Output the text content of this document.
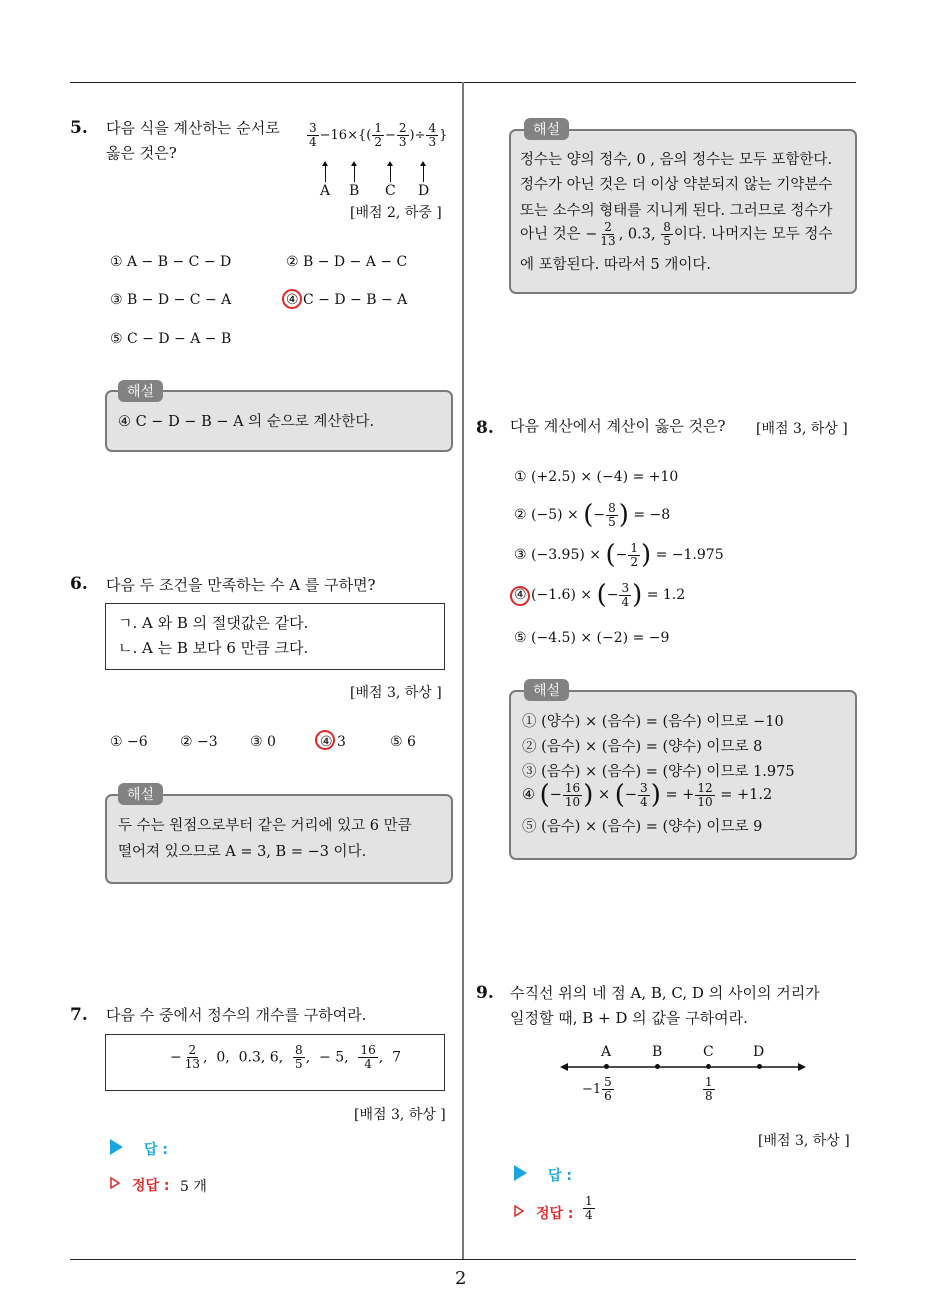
2
5. 다음 식을 계산하는 순서로
옳은 것은?
$\frac{3}{4} -16\times\{( \frac{1}{2} - \frac{2}{3}$ )÷ $\frac{4}{3}$ }
A B C D
[배점 2, 하중 ]
① A − B − C − D	② B − D − A − C
③ B − D − C − A	④ C − D − B − A
⑤ C − D − A − B
해설
④ C − D − B − A 의 순으로 계산한다.
6. 다음 두 조건을 만족하는 수 A 를 구하면?
ㄱ. A 와 B 의 절댓값은 같다.
ㄴ. A 는 B 보다 6 만큼 크다.
[배점 3, 하상 ]
① −6 ② −3 ③ 0	④ 3	⑤ 6
해설
두 수는 원점으로부터 같은 거리에 있고 6 만큼
떨어져 있으므로 A = 3, B = −3 이다.
7. 다음 수 중에서 정수의 개수를 구하여라.
− $\frac{2}{13}$ ,  0,  0.3, 6, $\frac{8}{5}$ ,  − 5, $\frac{16}{4}$ ,  7
[배점 3, 하상 ]
답 :
정답 : 5 개
해설
정수는 양의 정수, 0 , 음의 정수는 모두 포함한다.
정수가 아닌 것은 더 이상 약분되지 않는 기약분수
또는 소수의 형태를 지니게 된다. 그러므로 정수가
아닌 것은 − $\frac{2}{13}$ , 0.3, $\frac{8}{5}$ 이다. 나머지는 모두 정수
에 포함된다. 따라서 5 개이다.
8. 다음 계산에서 계산이 옳은 것은? [배점 3, 하상 ]
① (+2.5) × (−4) = +10
② (−5) × (− $\frac{8}{5}$ ) = −8
③ (−3.95) × (− $\frac{1}{2}$ ) = −1.975
④ (−1.6) × (− $\frac{3}{4}$ ) = 1.2
⑤ (−4.5) × (−2) = −9
해설
① (양수) × (음수) = (음수) 이므로 −10
② (음수) × (음수) = (양수) 이므로 8
③ (음수) × (음수) = (양수) 이므로 1.975
④ (− $\frac{16}{10}$ ) × (− $\frac{3}{4}$ ) = + $\frac{12}{10} = +1.2$
⑤ (음수) × (음수) = (양수) 이므로 9
9. 수직선 위의 네 점 A, B, C, D 의 사이의 거리가
일정할 때, B + D 의 값을 구하여라.
A	B	C	D
$-1 \frac{5}{6}$	$\frac{1}{8}$
[배점 3, 하상 ]
답 :
정답 : $\frac{1}{4}$
